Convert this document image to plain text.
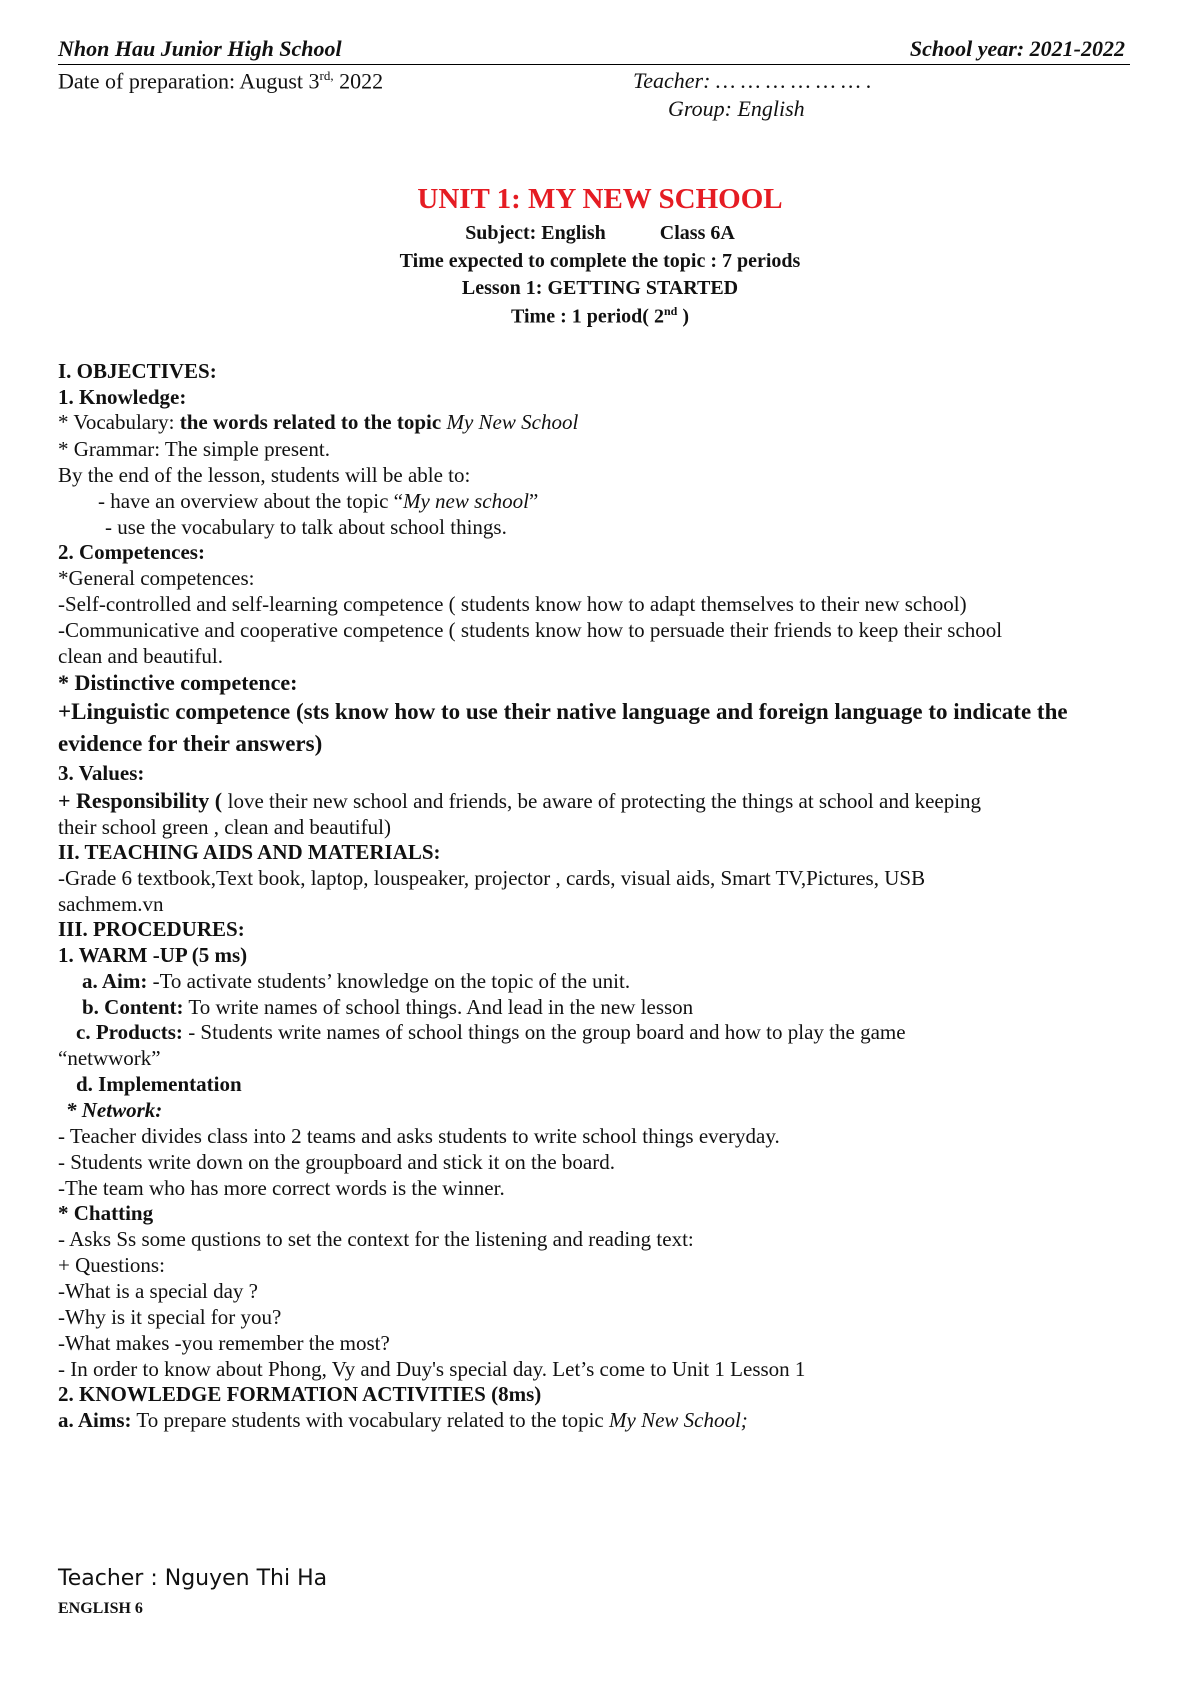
Nhon Hau Junior High School	School year: 2021-2022
Date of preparation: August $3^{rd,}$ 2022	Teacher: … … … … … … .
Group: English
UNIT 1: MY NEW SCHOOL
Subject: English	Class 6A
Time expected to complete the topic : 7 periods
Lesson 1: GETTING STARTED
Time : 1 period( 2nd )
I. OBJECTIVES:
1. Knowledge:
* Vocabulary: the words related to the topic My New School
* Grammar: The simple present.
By the end of the lesson, students will be able to:
- have an overview about the topic “My new school”
- use the vocabulary to talk about school things.
2. Competences:
*General competences:
-Self-controlled and self-learning competence ( students know how to adapt themselves to their new school)
-Communicative and cooperative competence ( students know how to persuade their friends to keep their school
clean and beautiful.
* Distinctive competence:
+Linguistic competence (sts know how to use their native language and foreign language to indicate the
evidence for their answers)
3. Values:
+ Responsibility ( love their new school and friends, be aware of protecting the things at school and keeping
their school green , clean and beautiful)
II. TEACHING AIDS AND MATERIALS:
-Grade 6 textbook,Text book, laptop, louspeaker, projector , cards, visual aids, Smart TV,Pictures, USB
sachmem.vn
III. PROCEDURES:
1. WARM -UP (5 ms)
a. Aim: -To activate students’ knowledge on the topic of the unit.
b. Content: To write names of school things. And lead in the new lesson
c. Products: - Students write names of school things on the group board and how to play the game
“netwwork”
d. Implementation
* Network:
- Teacher divides class into 2 teams and asks students to write school things everyday.
- Students write down on the groupboard and stick it on the board.
-The team who has more correct words is the winner.
* Chatting
- Asks Ss some qustions to set the context for the listening and reading text:
+ Questions:
-What is a special day ?
-Why is it special for you?
-What makes -you remember the most?
- In order to know about Phong, Vy and Duy's special day. Let’s come to Unit 1 Lesson 1
2. KNOWLEDGE FORMATION ACTIVITIES (8ms)
a. Aims: To prepare students with vocabulary related to the topic My New School;
Teacher : Nguyen Thi Ha
ENGLISH 6
